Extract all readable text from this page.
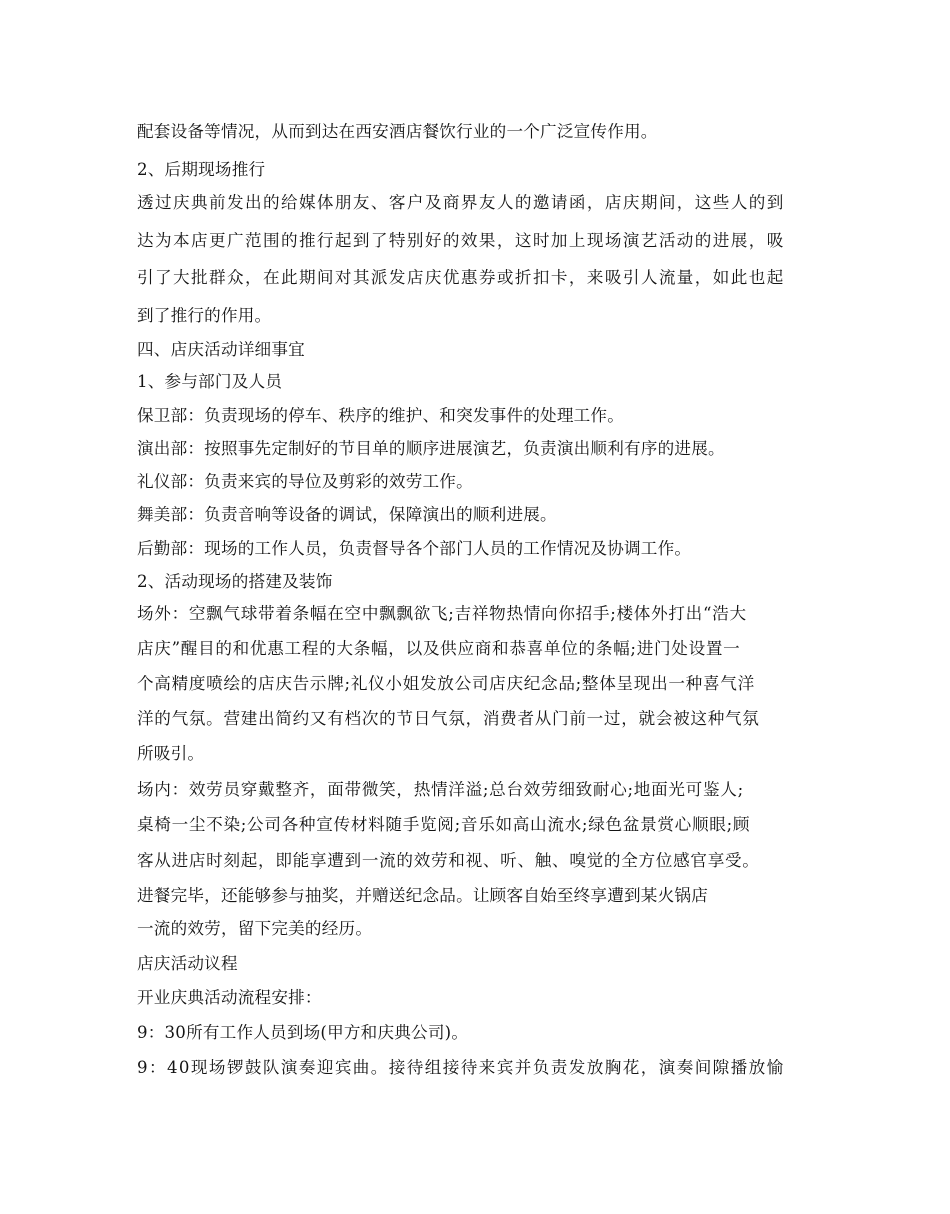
配套设备等情况，从而到达在西安酒店餐饮行业的一个广泛宣传作用。
2、后期现场推行
透过庆典前发出的给媒体朋友、客户及商界友人的邀请函，店庆期间，这些人的到
达为本店更广范围的推行起到了特别好的效果，这时加上现场演艺活动的进展，吸
引了大批群众，在此期间对其派发店庆优惠券或折扣卡，来吸引人流量，如此也起
到了推行的作用。
四、店庆活动详细事宜
1、参与部门及人员
保卫部：负责现场的停车、秩序的维护、和突发事件的处理工作。
演出部：按照事先定制好的节目单的顺序进展演艺，负责演出顺利有序的进展。
礼仪部：负责来宾的导位及剪彩的效劳工作。
舞美部：负责音响等设备的调试，保障演出的顺利进展。
后勤部：现场的工作人员，负责督导各个部门人员的工作情况及协调工作。
2、活动现场的搭建及装饰
场外：空飘气球带着条幅在空中飘飘欲飞;吉祥物热情向你招手;楼体外打出“浩大
店庆”醒目的和优惠工程的大条幅，以及供应商和恭喜单位的条幅;进门处设置一
个高精度喷绘的店庆告示牌;礼仪小姐发放公司店庆纪念品;整体呈现出一种喜气洋
洋的气氛。营建出简约又有档次的节日气氛，消费者从门前一过，就会被这种气氛
所吸引。
场内：效劳员穿戴整齐，面带微笑，热情洋溢;总台效劳细致耐心;地面光可鉴人;
桌椅一尘不染;公司各种宣传材料随手览阅;音乐如高山流水;绿色盆景赏心顺眼;顾
客从进店时刻起，即能享遭到一流的效劳和视、听、触、嗅觉的全方位感官享受。
进餐完毕，还能够参与抽奖，并赠送纪念品。让顾客自始至终享遭到某火锅店
一流的效劳，留下完美的经历。
店庆活动议程
开业庆典活动流程安排：
9：30所有工作人员到场(甲方和庆典公司)。
9：40现场锣鼓队演奏迎宾曲。接待组接待来宾并负责发放胸花，演奏间隙播放愉
